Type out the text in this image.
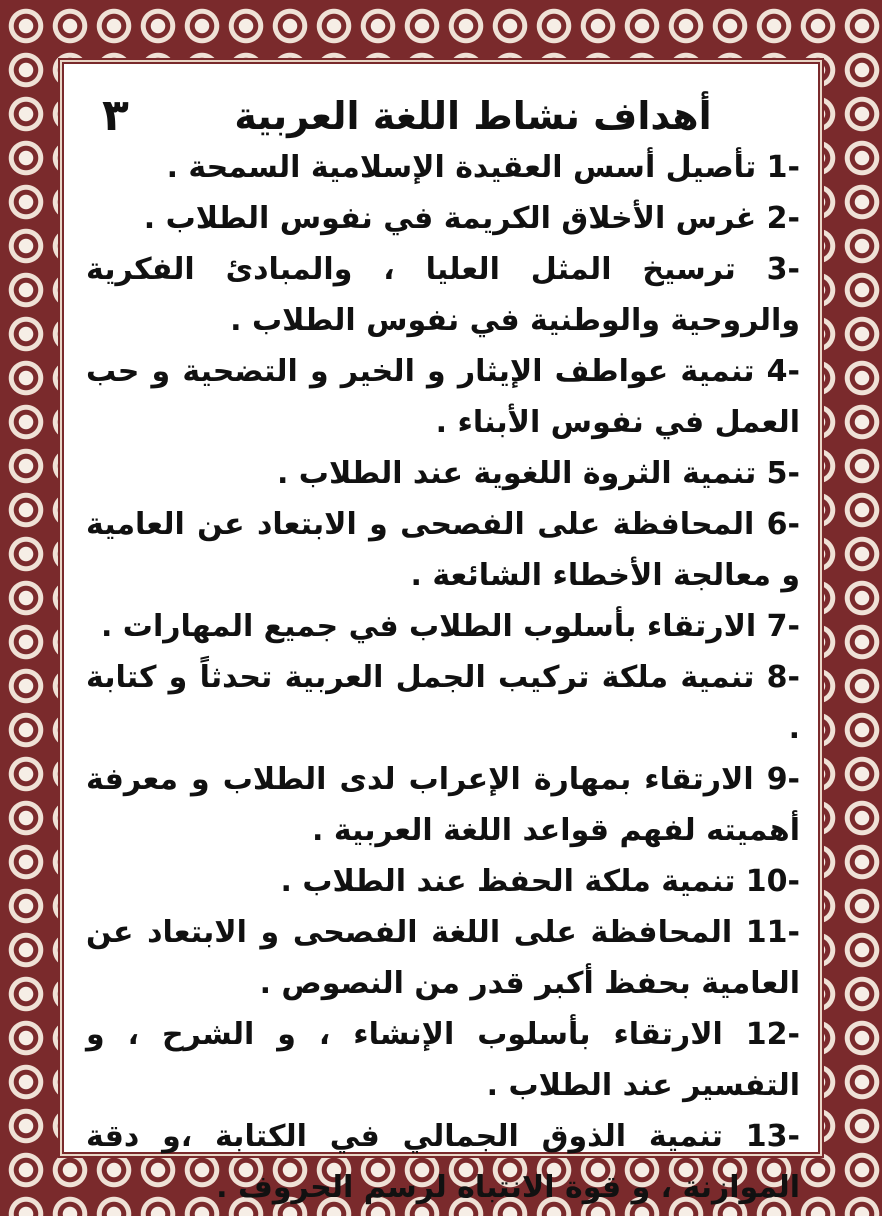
أهداف نشاط اللغة العربية
٣
1- تأصيل أسس العقيدة الإسلامية السمحة .
2- غرس الأخلاق الكريمة في نفوس الطلاب .
3- ترسيخ المثل العليا ، والمبادئ الفكرية والروحية والوطنية في نفوس الطلاب .
4- تنمية عواطف الإيثار و الخير و التضحية و حب العمل في نفوس الأبناء .
5- تنمية الثروة اللغوية عند الطلاب .
6- المحافظة على الفصحى و الابتعاد عن العامية و معالجة الأخطاء الشائعة .
7- الارتقاء بأسلوب الطلاب في جميع المهارات .
8- تنمية ملكة تركيب الجمل العربية تحدثاً و كتابة .
9- الارتقاء بمهارة الإعراب لدى الطلاب و معرفة أهميته لفهم قواعد اللغة العربية .
10- تنمية ملكة الحفظ عند الطلاب .
11- المحافظة على اللغة الفصحى و الابتعاد عن العامية بحفظ أكبر قدر من النصوص .
12- الارتقاء بأسلوب الإنشاء ، و الشرح ، و التفسير عند الطلاب .
13- تنمية الذوق الجمالي في الكتابة ،و دقة الموازنة ، و قوة الانتباه لرسم الحروف .
